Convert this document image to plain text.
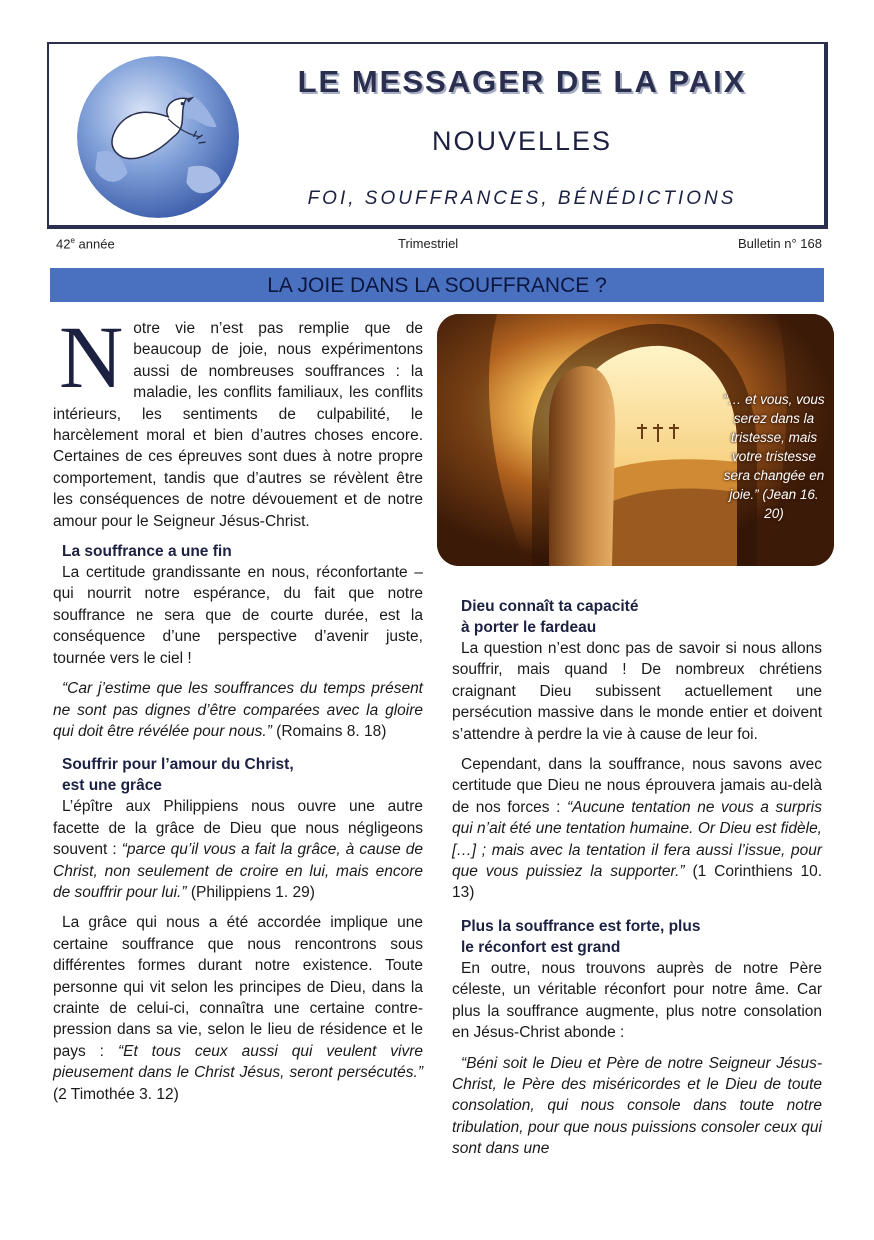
LE MESSAGER DE LA PAIX
NOUVELLES
FOI, SOUFFRANCES, BÉNÉDICTIONS
42e année	Trimestriel	Bulletin n° 168
LA JOIE DANS LA SOUFFRANCE ?

Notre vie n’est pas remplie que de beaucoup de joie, nous expérimentons aussi de nombreuses souffrances : la maladie, les conflits familiaux, les conflits intérieurs, les sentiments de culpabilité, le harcèlement moral et bien d’autres choses encore. Certaines de ces épreuves sont dues à notre propre comportement, tandis que d’autres se révèlent être les conséquences de notre dévouement et de notre amour pour le Seigneur Jésus-Christ.

La souffrance a une fin

La certitude grandissante en nous, réconfortante – qui nourrit notre espérance, du fait que notre souffrance ne sera que de courte durée, est la conséquence d’une perspective d’avenir juste, tournée vers le ciel !

“Car j’estime que les souffrances du temps présent ne sont pas dignes d’être comparées avec la gloire qui doit être révélée pour nous.” (Romains 8. 18)

Souffrir pour l’amour du Christ,
est une grâce

L’épître aux Philippiens nous ouvre une autre facette de la grâce de Dieu que nous négligeons souvent : “parce qu’il vous a fait la grâce, à cause de Christ, non seulement de croire en lui, mais encore de souffrir pour lui.” (Philippiens 1. 29)

La grâce qui nous a été accordée implique une certaine souffrance que nous rencontrons sous différentes formes durant notre existence. Toute personne qui vit selon les principes de Dieu, dans la crainte de celui-ci, connaîtra une certaine contre-pression dans sa vie, selon le lieu de résidence et le pays : “Et tous ceux aussi qui veulent vivre pieusement dans le Christ Jésus, seront persécutés.” (2 Timothée 3. 12)

“… et vous, vous serez dans la tristesse, mais votre tristesse sera changée en joie.” (Jean 16. 20)
Dieu connaît ta capacité
à porter le fardeau

La question n’est donc pas de savoir si nous allons souffrir, mais quand ! De nombreux chrétiens craignant Dieu subissent actuellement une persécution massive dans le monde entier et doivent s’attendre à perdre la vie à cause de leur foi.

Cependant, dans la souffrance, nous savons avec certitude que Dieu ne nous éprouvera jamais au-delà de nos forces : “Aucune tentation ne vous a surpris qui n’ait été une tentation humaine. Or Dieu est fidèle, […] ; mais avec la tentation il fera aussi l’issue, pour que vous puissiez la supporter.” (1 Corinthiens 10. 13)

Plus la souffrance est forte, plus
le réconfort est grand

En outre, nous trouvons auprès de notre Père céleste, un véritable réconfort pour notre âme. Car plus la souffrance augmente, plus notre consolation en Jésus-Christ abonde :

“Béni soit le Dieu et Père de notre Seigneur Jésus-Christ, le Père des miséricordes et le Dieu de toute consolation, qui nous console dans toute notre tribulation, pour que nous puissions consoler ceux qui sont dans une
